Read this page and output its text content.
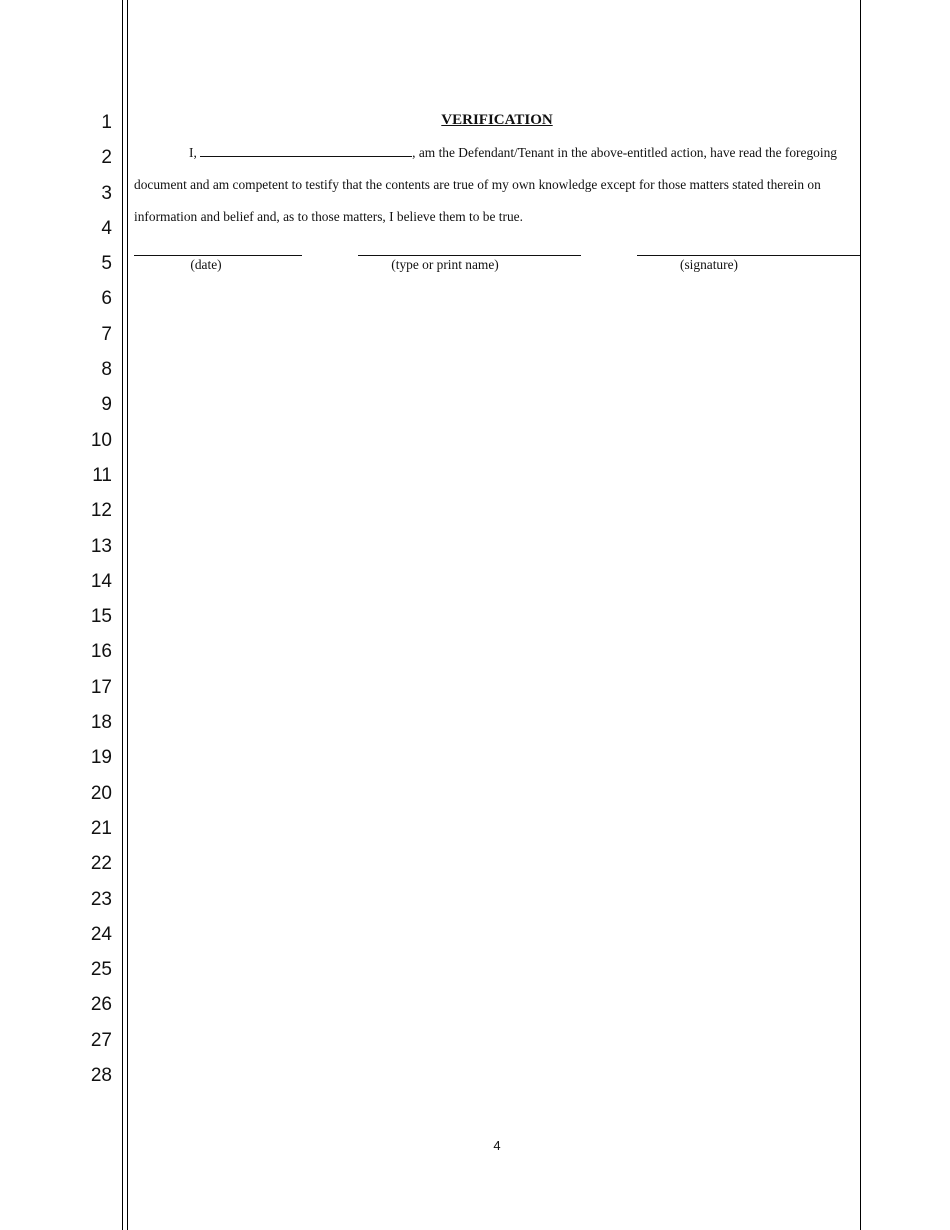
1
2
3
4
5
6
7
8
9
10
11
12
13
14
15
16
17
18
19
20
21
22
23
24
25
26
27
28
VERIFICATION
I,	, am the Defendant/Tenant in the above-entitled action, have read the foregoing
document and am competent to testify that the contents are true of my own knowledge except for those matters stated therein on
information and belief and, as to those matters, I believe them to be true.
(date)	(type or print name)	(signature)
4
